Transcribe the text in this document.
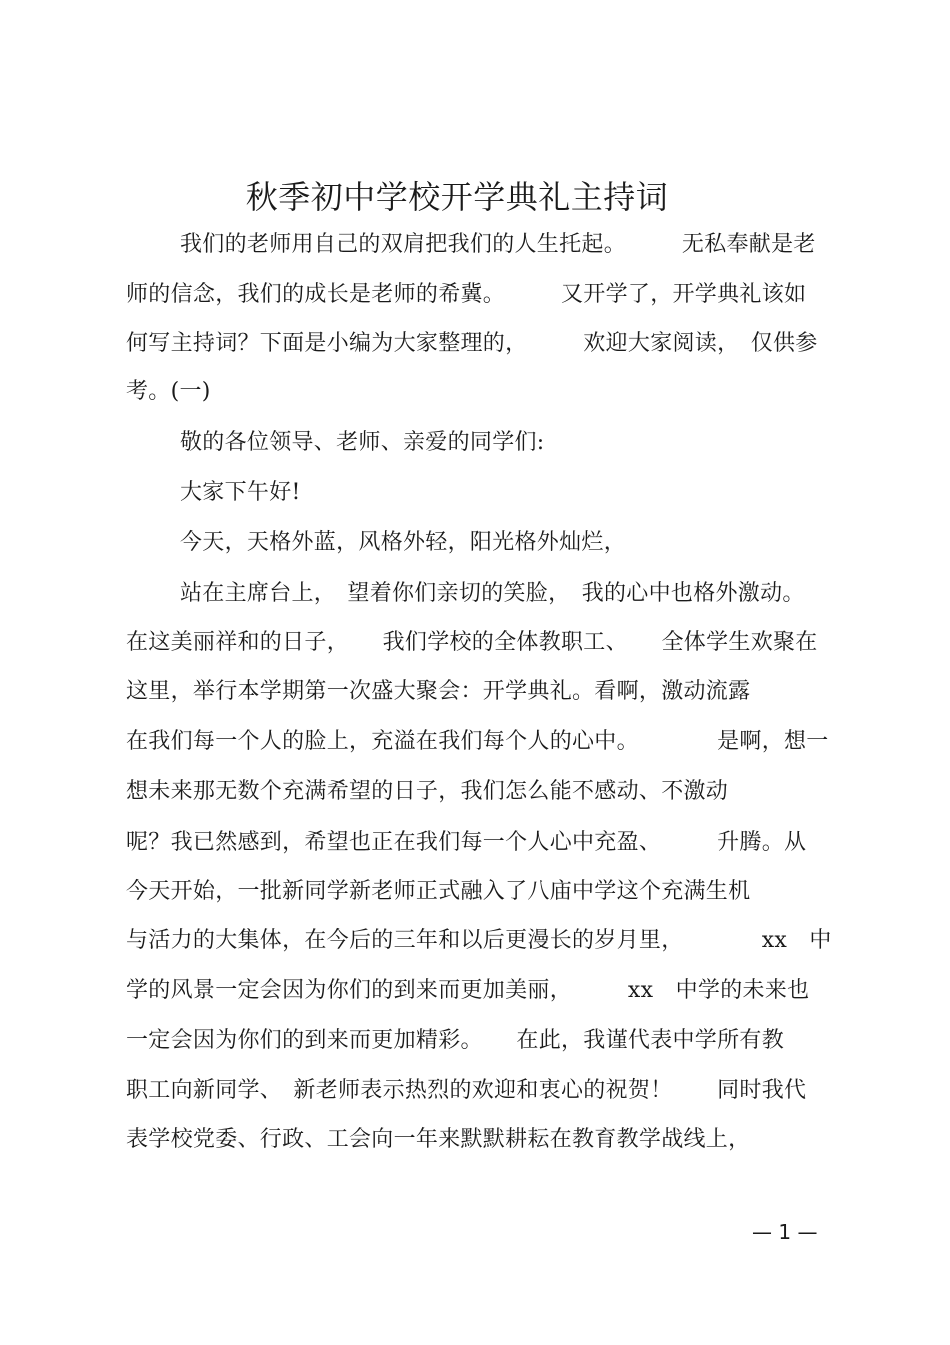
秋季初中学校开学典礼主持词
我们的老师用自己的双肩把我们的人生托起。　　　无私奉献是老
师的信念，我们的成长是老师的希冀。　　　又开学了，开学典礼该如
何写主持词？下面是小编为大家整理的，　　　欢迎大家阅读，　仅供参
考。(一)
敬的各位领导、老师、亲爱的同学们:
大家下午好!
今天，天格外蓝，风格外轻，阳光格外灿烂，
站在主席台上，　望着你们亲切的笑脸，　我的心中也格外激动。
在这美丽祥和的日子，　　我们学校的全体教职工、　　全体学生欢聚在
这里，举行本学期第一次盛大聚会：开学典礼。看啊，激动流露
在我们每一个人的脸上，充溢在我们每个人的心中。　　　　是啊，想一
想未来那无数个充满希望的日子，我们怎么能不感动、不激动
呢？我已然感到，希望也正在我们每一个人心中充盈、　　　升腾。从
今天开始，一批新同学新老师正式融入了八庙中学这个充满生机
与活力的大集体，在今后的三年和以后更漫长的岁月里，　　　　xx　中
学的风景一定会因为你们的到来而更加美丽，　　　xx　中学的未来也
一定会因为你们的到来而更加精彩。　　在此，我谨代表中学所有教
职工向新同学、　新老师表示热烈的欢迎和衷心的祝贺！　　同时我代
表学校党委、行政、工会向一年来默默耕耘在教育教学战线上，
— 1 —
